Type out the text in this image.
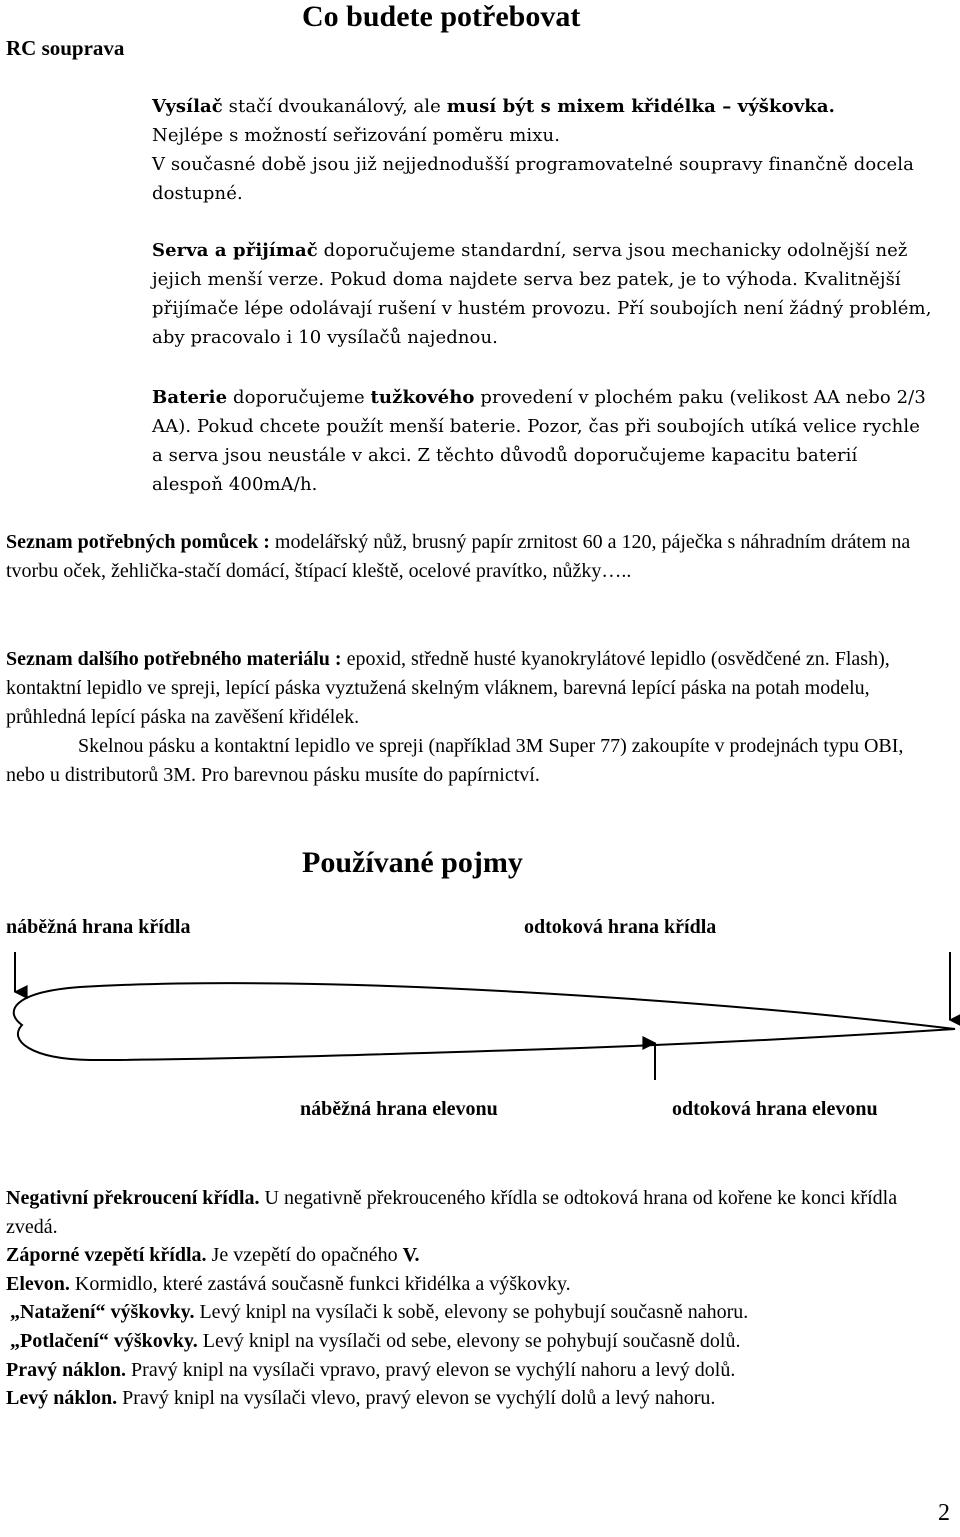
RC souprava
Co budete potřebovat
Vysílač stačí dvoukanálový, ale musí být s mixem křidélka – výškovka.
Nejlépe s možností seřizování poměru mixu.
V současné době jsou již nejjednodušší programovatelné soupravy finančně docela dostupné.
Serva a přijímač doporučujeme standardní, serva jsou mechanicky odolnější než jejich menší verze. Pokud doma najdete serva bez patek, je to výhoda. Kvalitnější přijímače lépe odolávají rušení v hustém provozu. Pří soubojích není žádný problém, aby pracovalo i 10 vysílačů najednou.
Baterie doporučujeme tužkového provedení v plochém paku (velikost AA nebo 2/3 AA). Pokud chcete použít menší baterie. Pozor, čas při soubojích utíká velice rychle a serva jsou neustále v akci. Z těchto důvodů doporučujeme kapacitu baterií alespoň 400mA/h.
Seznam potřebných pomůcek : modelářský nůž, brusný papír zrnitost 60 a 120, páječka s náhradním drátem na tvorbu oček, žehlička-stačí domácí, štípací kleště, ocelové pravítko, nůžky…..
Seznam dalšího potřebného materiálu : epoxid, středně husté kyanokrylátové lepidlo (osvědčené zn. Flash), kontaktní lepidlo ve spreji, lepící páska vyztužená skelným vláknem, barevná lepící páska na potah modelu, průhledná lepící páska na zavěšení křidélek.
Skelnou pásku a kontaktní lepidlo ve spreji (například 3M Super 77) zakoupíte v prodejnách typu OBI, nebo u distributorů 3M. Pro barevnou pásku musíte do papírnictví.
Používané pojmy
náběžná hrana křídla	odtoková hrana křídla
náběžná hrana elevonu	odtoková hrana elevonu
Negativní překroucení křídla. U negativně překrouceného křídla se odtoková hrana od kořene ke konci křídla zvedá.
Záporné vzepětí křídla. Je vzepětí do opačného V.
Elevon. Kormidlo, které zastává současně funkci křidélka a výškovky.
„Natažení“ výškovky. Levý knipl na vysílači k sobě, elevony se pohybují současně nahoru.
„Potlačení“ výškovky. Levý knipl na vysílači od sebe, elevony se pohybují současně dolů.
Pravý náklon. Pravý knipl na vysílači vpravo, pravý elevon se vychýlí nahoru a levý dolů.
Levý náklon. Pravý knipl na vysílači vlevo, pravý elevon se vychýlí dolů a levý nahoru.
2
